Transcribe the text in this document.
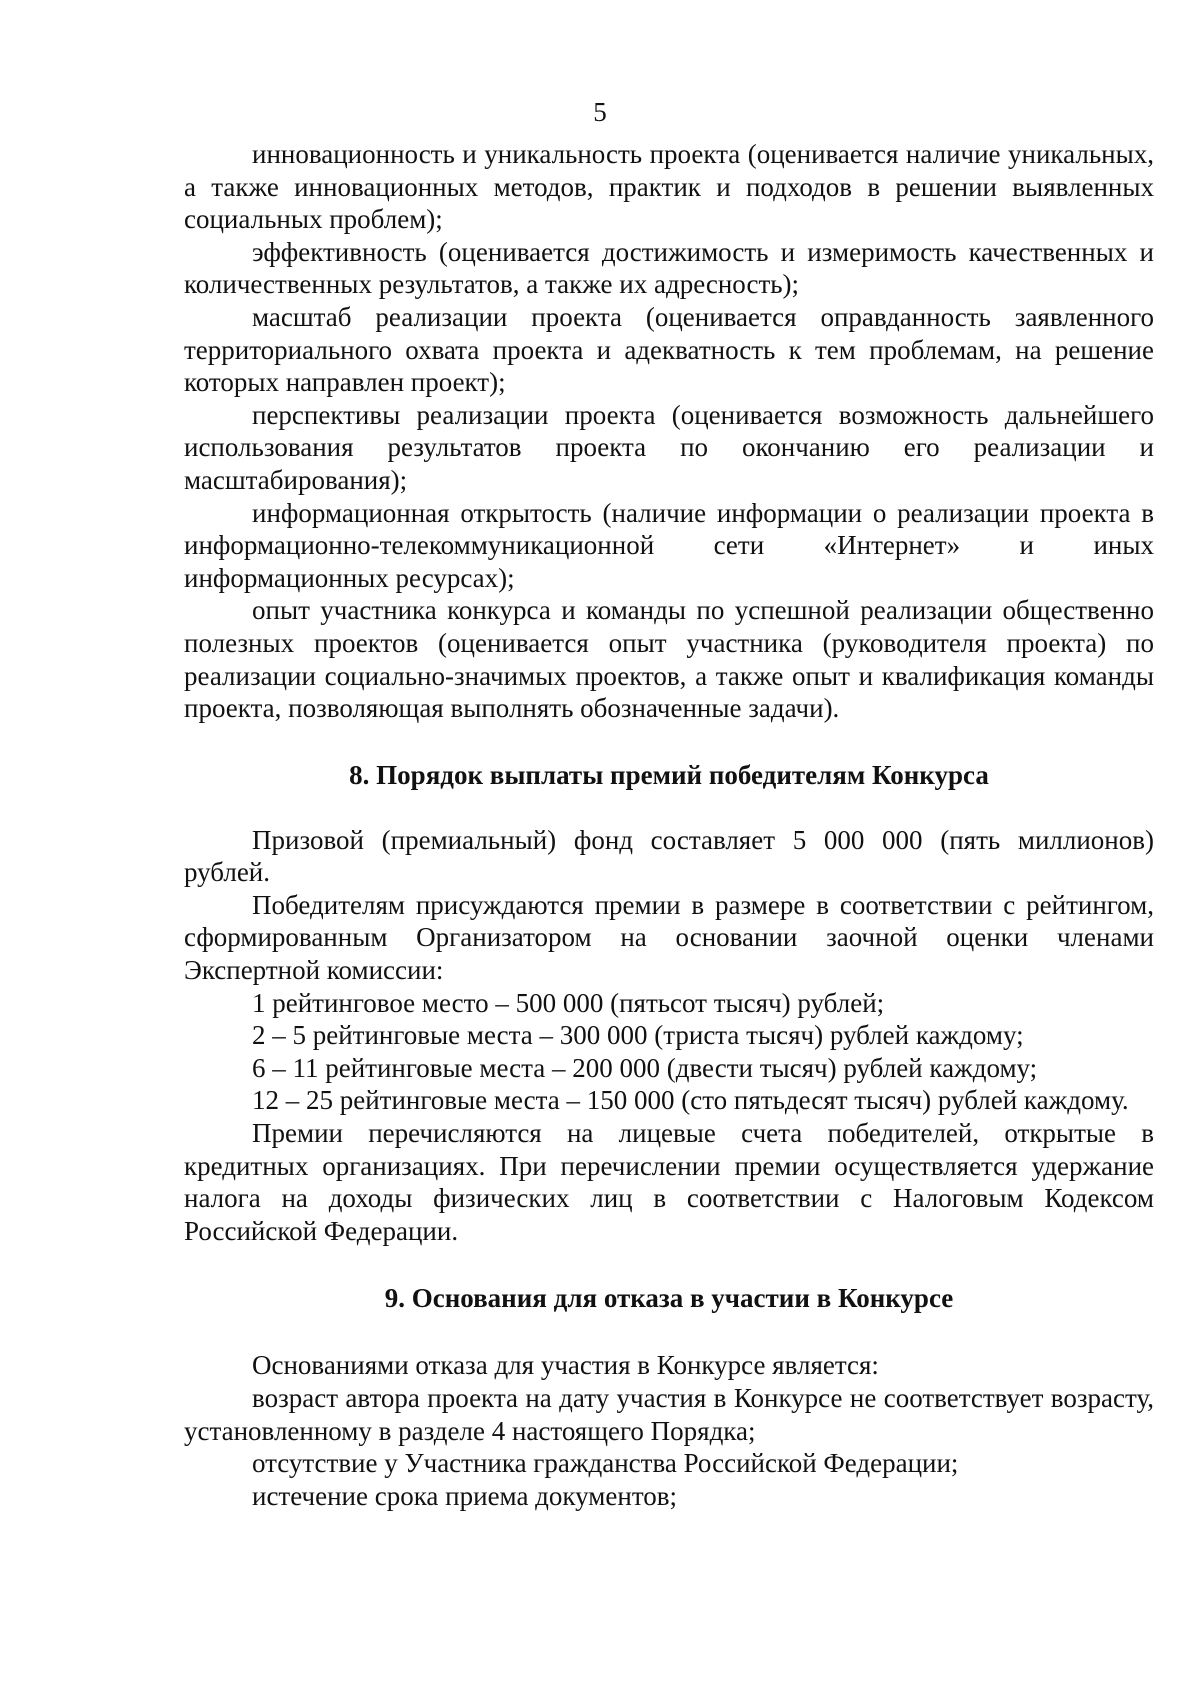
5

инновационность и уникальность проекта (оценивается наличие уникальных, а также инновационных методов, практик и подходов в решении выявленных социальных проблем);

эффективность (оценивается достижимость и измеримость качественных и количественных результатов, а также их адресность);

масштаб реализации проекта (оценивается оправданность заявленного территориального охвата проекта и адекватность к тем проблемам, на решение которых направлен проект);

перспективы реализации проекта (оценивается возможность дальнейшего использования результатов проекта по окончанию его реализации и масштабирования);

информационная открытость (наличие информации о реализации проекта в информационно-телекоммуникационной сети «Интернет» и иных информационных ресурсах);

опыт участника конкурса и команды по успешной реализации общественно полезных проектов (оценивается опыт участника (руководителя проекта) по реализации социально-значимых проектов, а также опыт и квалификация команды проекта, позволяющая выполнять обозначенные задачи).

8. Порядок выплаты премий победителям Конкурса

Призовой (премиальный) фонд составляет 5 000 000 (пять миллионов) рублей.

Победителям присуждаются премии в размере в соответствии с рейтингом, сформированным Организатором на основании заочной оценки членами Экспертной комиссии:

1 рейтинговое место – 500 000 (пятьсот тысяч) рублей;

2 – 5 рейтинговые места – 300 000 (триста тысяч) рублей каждому;

6 – 11 рейтинговые места – 200 000 (двести тысяч) рублей каждому;

12 – 25 рейтинговые места – 150 000 (сто пятьдесят тысяч) рублей каждому.

Премии перечисляются на лицевые счета победителей, открытые в кредитных организациях. При перечислении премии осуществляется удержание налога на доходы физических лиц в соответствии с Налоговым Кодексом Российской Федерации.

9. Основания для отказа в участии в Конкурсе

Основаниями отказа для участия в Конкурсе является:

возраст автора проекта на дату участия в Конкурсе не соответствует возрасту, установленному в разделе 4 настоящего Порядка;

отсутствие у Участника гражданства Российской Федерации;

истечение срока приема документов;
